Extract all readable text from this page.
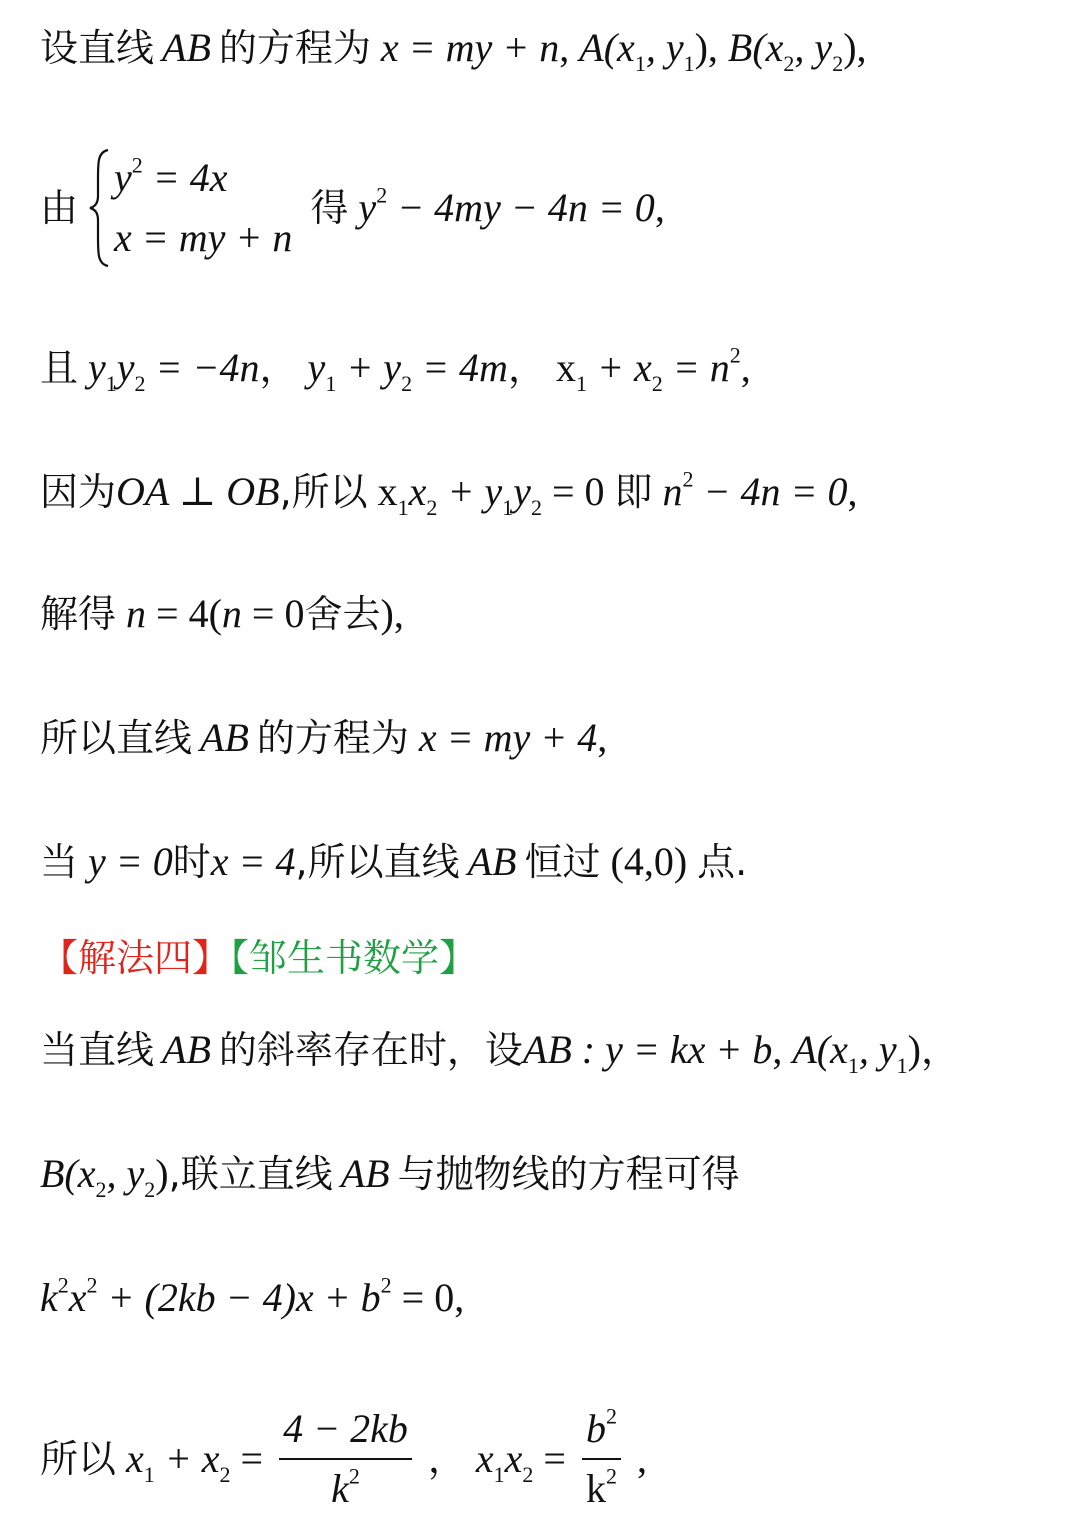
设直线 AB 的方程为 x = my + n, $A(x_1$, $y_1$), $B(x_2$, $y_2$),
由
$y^2 = 4x$
x = my + n
得 $y^2 - 4my - 4n = 0$,
且 $y_1y_2 = -4n$， $y_1 + y_2 = 4m$， $x_1 + x_2 = n^2$,
因为OA ⊥ OB,所以 $x_1x_2 + y_1y_2 = 0$ 即 $n^2 - 4n = 0$,
解得 n = 4(n = 0舍去),
所以直线 AB 的方程为 x = my + 4,
当 y = 0时x = 4,所以直线 AB 恒过 (4,0) 点.
【解法四】【邹生书数学】
当直线 AB 的斜率存在时，设AB : y = kx + b, $A(x_1$, $y_1$)，
$B(x_2$, $y_2$),联立直线 AB 与抛物线的方程可得
$k^2x^2 + (2kb - 4)x + b^2 = 0$,
所以 $x_1 + x_2 = \frac{4 - 2kb}{k^2}$ ， $x_1x_2 = \frac{b^2}{k^2}$ ,
